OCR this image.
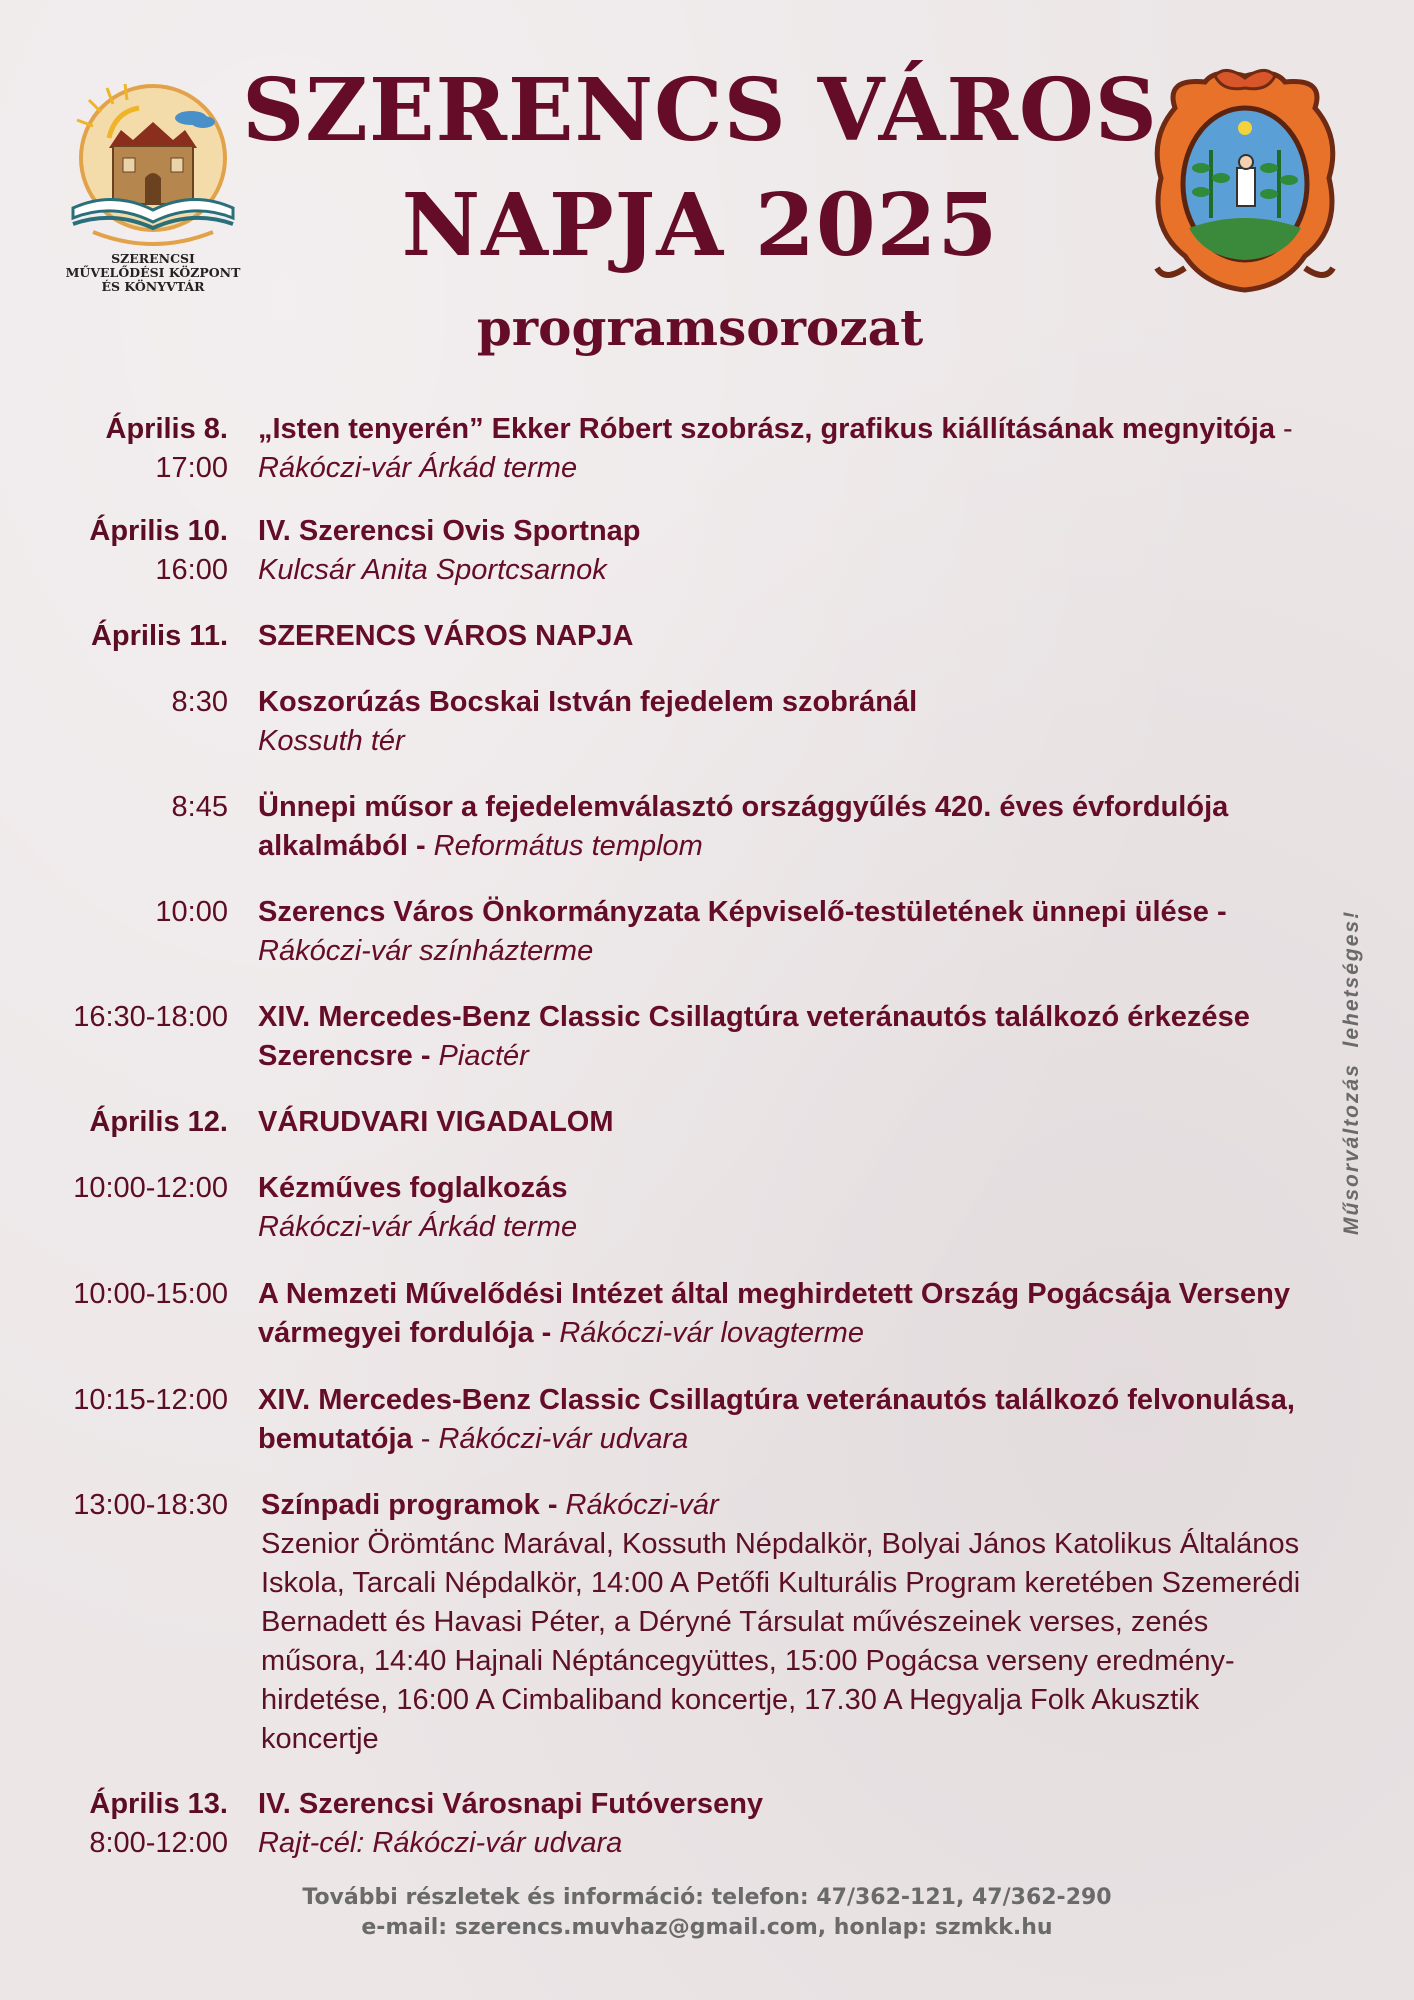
SZERENCSI
MŰVELŐDÉSI KÖZPONT
ÉS KÖNYVTÁR
SZERENCS VÁROS
NAPJA 2025
programsorozat
Április 8.
17:00
„Isten tenyerén” Ekker Róbert szobrász, grafikus kiállításának megnyitója - Rákóczi-vár Árkád terme
Április 10.
16:00
IV. Szerencsi Ovis Sportnap
Kulcsár Anita Sportcsarnok
Április 11. SZERENCS VÁROS NAPJA
8:30 Koszorúzás Bocskai István fejedelem szobránál
Kossuth tér
8:45 Ünnepi műsor a fejedelemválasztó országgyűlés 420. éves évfordulója alkalmából - Református templom
10:00 Szerencs Város Önkormányzata Képviselő-testületének ünnepi ülése - Rákóczi-vár színházterme
16:30-18:00 XIV. Mercedes-Benz Classic Csillagtúra veteránautós találkozó érkezése Szerencsre - Piactér
Április 12. VÁRUDVARI VIGADALOM
10:00-12:00 Kézműves foglalkozás
Rákóczi-vár Árkád terme
10:00-15:00 A Nemzeti Művelődési Intézet által meghirdetett Ország Pogácsája Verseny vármegyei fordulója - Rákóczi-vár lovagterme
10:15-12:00 XIV. Mercedes-Benz Classic Csillagtúra veteránautós találkozó felvonulása, bemutatója - Rákóczi-vár udvara
13:00-18:30 Színpadi programok - Rákóczi-vár
Szenior Örömtánc Marával, Kossuth Népdalkör, Bolyai János Katolikus Általános Iskola, Tarcali Népdalkör, 14:00 A Petőfi Kulturális Program keretében Szemerédi Bernadett és Havasi Péter, a Déryné Társulat művészeinek verses, zenés műsora, 14:40 Hajnali Néptáncegyüttes, 15:00 Pogácsa verseny eredmény-hirdetése, 16:00 A Cimbaliband koncertje, 17.30 A Hegyalja Folk Akusztik koncertje
Április 13.
8:00-12:00
IV. Szerencsi Városnapi Futóverseny
Rajt-cél: Rákóczi-vár udvara
Műsorváltozás  lehetséges!
További részletek és információ: telefon: 47/362-121, 47/362-290
e-mail: szerencs.muvhaz@gmail.com, honlap: szmkk.hu
